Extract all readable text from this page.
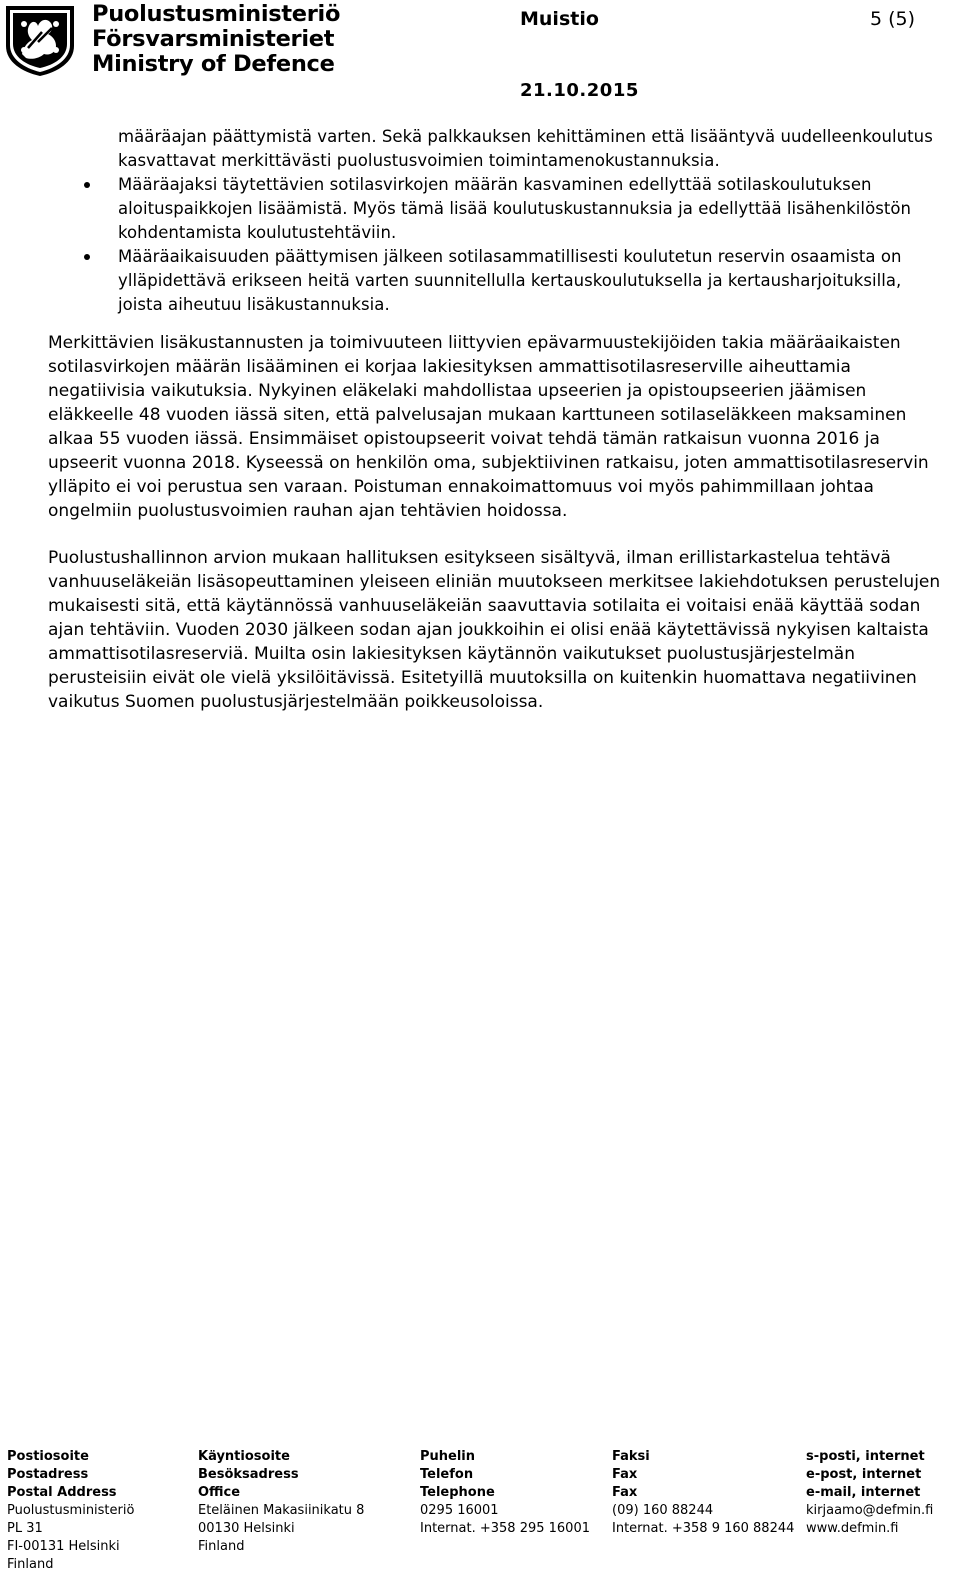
Puolustusministeriö
Försvarsministeriet
Ministry of Defence
Muistio	5 (5)
21.10.2015

määräajan päättymistä varten. Sekä palkkauksen kehittäminen että lisääntyvä uudelleenkoulutus kasvattavat merkittävästi puolustusvoimien toimintamenokustannuksia.

Määräajaksi täytettävien sotilasvirkojen määrän kasvaminen edellyttää sotilaskoulutuksen aloituspaikkojen lisäämistä. Myös tämä lisää koulutuskustannuksia ja edellyttää lisähenkilöstön kohdentamista koulutustehtäviin.

Määräaikaisuuden päättymisen jälkeen sotilasammatillisesti koulutetun reservin osaamista on ylläpidettävä erikseen heitä varten suunnitellulla kertauskoulutuksella ja kertausharjoituksilla, joista aiheutuu lisäkustannuksia.

Merkittävien lisäkustannusten ja toimivuuteen liittyvien epävarmuustekijöiden takia määräaikaisten sotilasvirkojen määrän lisääminen ei korjaa lakiesityksen ammattisotilasreserville aiheuttamia negatiivisia vaikutuksia. Nykyinen eläkelaki mahdollistaa upseerien ja opistoupseerien jäämisen eläkkeelle 48 vuoden iässä siten, että palvelusajan mukaan karttuneen sotilaseläkkeen maksaminen alkaa 55 vuoden iässä. Ensimmäiset opistoupseerit voivat tehdä tämän ratkaisun vuonna 2016 ja upseerit vuonna 2018. Kyseessä on henkilön oma, subjektiivinen ratkaisu, joten ammattisotilasreservin ylläpito ei voi perustua sen varaan. Poistuman ennakoimattomuus voi myös pahimmillaan johtaa ongelmiin puolustusvoimien rauhan ajan tehtävien hoidossa.

Puolustushallinnon arvion mukaan hallituksen esitykseen sisältyvä, ilman erillistarkastelua tehtävä vanhuuseläkeiän lisäsopeuttaminen yleiseen eliniän muutokseen merkitsee lakiehdotuksen perustelujen mukaisesti sitä, että käytännössä vanhuuseläkeiän saavuttavia sotilaita ei voitaisi enää käyttää sodan ajan tehtäviin. Vuoden 2030 jälkeen sodan ajan joukkoihin ei olisi enää käytettävissä nykyisen kaltaista ammattisotilasreserviä. Muilta osin lakiesityksen käytännön vaikutukset puolustusjärjestelmän perusteisiin eivät ole vielä yksilöitävissä. Esitetyillä muutoksilla on kuitenkin huomattava negatiivinen vaikutus Suomen puolustusjärjestelmään poikkeusoloissa.

Postiosoite
Postadress
Postal Address
Puolustusministeriö
PL 31
FI-00131 Helsinki
Finland
Käyntiosoite
Besöksadress
Office
Eteläinen Makasiinikatu 8
00130 Helsinki
Finland
Puhelin
Telefon
Telephone
0295 16001
Internat. +358 295 16001
Faksi
Fax
Fax
(09) 160 88244
Internat. +358 9 160 88244
s-posti, internet
e-post, internet
e-mail, internet
kirjaamo@defmin.fi
www.defmin.fi
